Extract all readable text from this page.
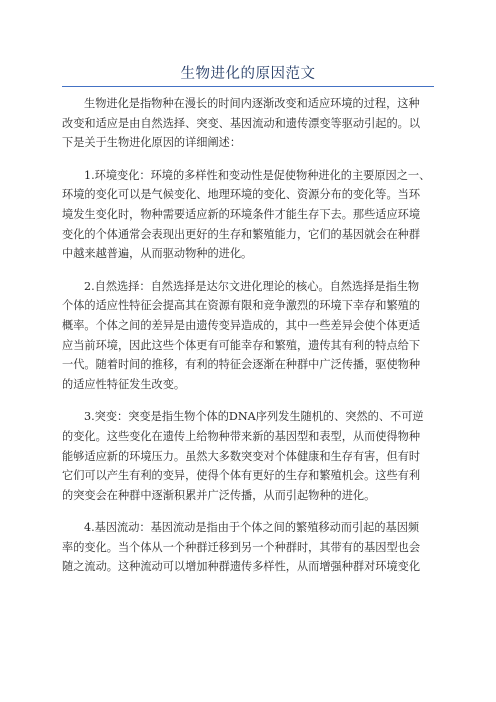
生物进化的原因范文

生物进化是指物种在漫长的时间内逐渐改变和适应环境的过程，这种
改变和适应是由自然选择、突变、基因流动和遗传漂变等驱动引起的。以
下是关于生物进化原因的详细阐述：

1.环境变化：环境的多样性和变动性是促使物种进化的主要原因之一、
环境的变化可以是气候变化、地理环境的变化、资源分布的变化等。当环
境发生变化时，物种需要适应新的环境条件才能生存下去。那些适应环境
变化的个体通常会表现出更好的生存和繁殖能力，它们的基因就会在种群
中越来越普遍，从而驱动物种的进化。

2.自然选择：自然选择是达尔文进化理论的核心。自然选择是指生物
个体的适应性特征会提高其在资源有限和竞争激烈的环境下幸存和繁殖的
概率。个体之间的差异是由遗传变异造成的，其中一些差异会使个体更适
应当前环境，因此这些个体更有可能幸存和繁殖，遗传其有利的特点给下
一代。随着时间的推移，有利的特征会逐渐在种群中广泛传播，驱使物种
的适应性特征发生改变。

3.突变：突变是指生物个体的DNA序列发生随机的、突然的、不可逆
的变化。这些变化在遗传上给物种带来新的基因型和表型，从而使得物种
能够适应新的环境压力。虽然大多数突变对个体健康和生存有害，但有时
它们可以产生有利的变异，使得个体有更好的生存和繁殖机会。这些有利
的突变会在种群中逐渐积累并广泛传播，从而引起物种的进化。

4.基因流动：基因流动是指由于个体之间的繁殖移动而引起的基因频
率的变化。当个体从一个种群迁移到另一个种群时，其带有的基因型也会
随之流动。这种流动可以增加种群遗传多样性，从而增强种群对环境变化
